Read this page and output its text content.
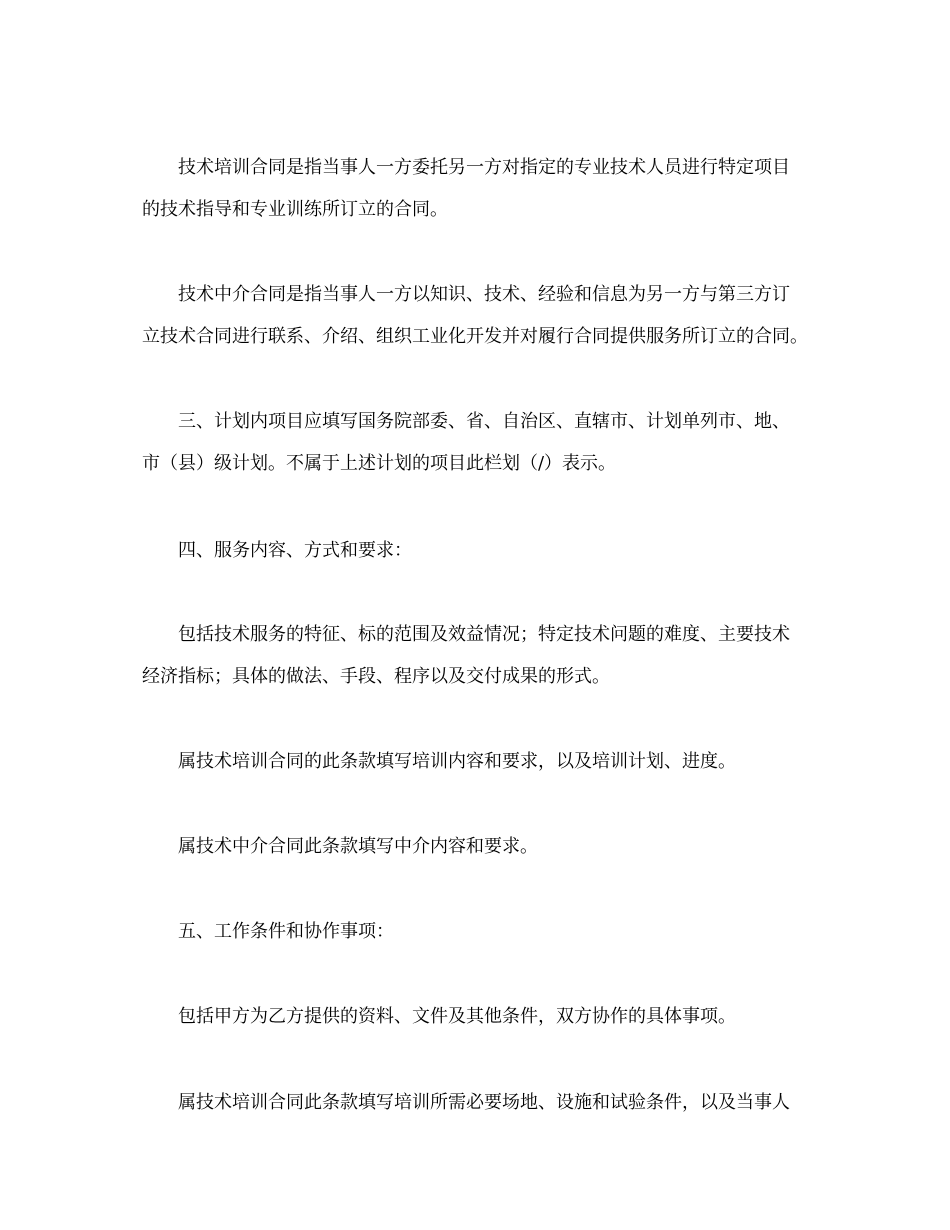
技术培训合同是指当事人一方委托另一方对指定的专业技术人员进行特定项目
的技术指导和专业训练所订立的合同。
技术中介合同是指当事人一方以知识、技术、经验和信息为另一方与第三方订
立技术合同进行联系、介绍、组织工业化开发并对履行合同提供服务所订立的合同。
三、计划内项目应填写国务院部委、省、自治区、直辖市、计划单列市、地、
市（县）级计划。不属于上述计划的项目此栏划（/）表示。
四、服务内容、方式和要求：
包括技术服务的特征、标的范围及效益情况；特定技术问题的难度、主要技术
经济指标；具体的做法、手段、程序以及交付成果的形式。
属技术培训合同的此条款填写培训内容和要求，以及培训计划、进度。
属技术中介合同此条款填写中介内容和要求。
五、工作条件和协作事项：
包括甲方为乙方提供的资料、文件及其他条件，双方协作的具体事项。
属技术培训合同此条款填写培训所需必要场地、设施和试验条件，以及当事人
